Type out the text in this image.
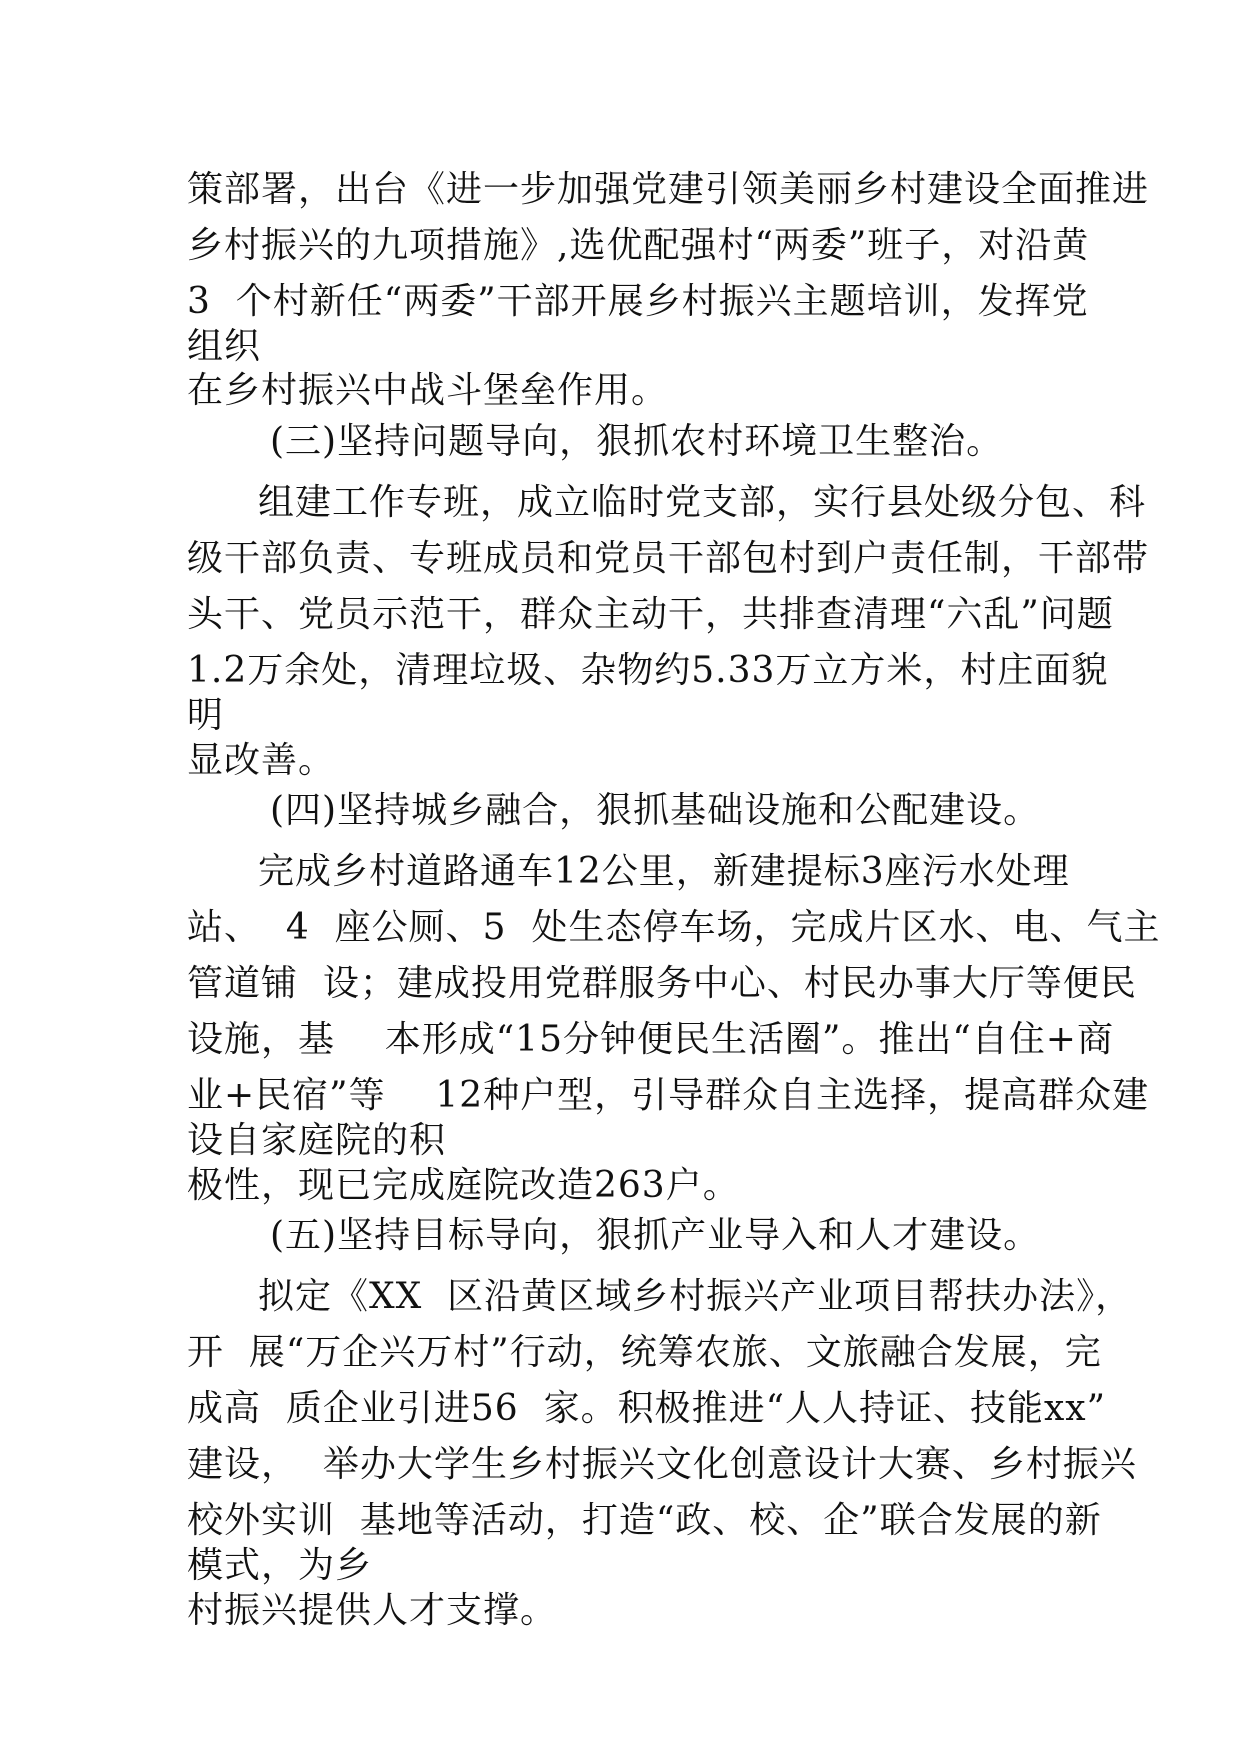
策部署，出台《进一步加强党建引领美丽乡村建设全面推进
乡村振兴的九项措施》,选优配强村“两委”班子，对沿黄
3  个村新任“两委”干部开展乡村振兴主题培训，发挥党
组织
在乡村振兴中战斗堡垒作用。
(三)坚持问题导向，狠抓农村环境卫生整治。
组建工作专班，成立临时党支部，实行县处级分包、科
级干部负责、专班成员和党员干部包村到户责任制，干部带
头干、党员示范干，群众主动干，共排查清理“六乱”问题
1.2万余处，清理垃圾、杂物约5.33万立方米，村庄面貌
明
显改善。
(四)坚持城乡融合，狠抓基础设施和公配建设。
完成乡村道路通车12公里，新建提标3座污水处理
站、  4  座公厕、5  处生态停车场，完成片区水、电、气主
管道铺  设；建成投用党群服务中心、村民办事大厅等便民
设施，基    本形成“15分钟便民生活圈”。推出“自住+商
业+民宿”等    12种户型，引导群众自主选择，提高群众建
设自家庭院的积
极性，现已完成庭院改造263户。
(五)坚持目标导向，狠抓产业导入和人才建设。
拟定《XX  区沿黄区域乡村振兴产业项目帮扶办法》，
开  展“万企兴万村”行动，统筹农旅、文旅融合发展，完
成高  质企业引进56  家。积极推进“人人持证、技能xx”
建设，  举办大学生乡村振兴文化创意设计大赛、乡村振兴
校外实训  基地等活动，打造“政、校、企”联合发展的新
模式，为乡
村振兴提供人才支撑。
